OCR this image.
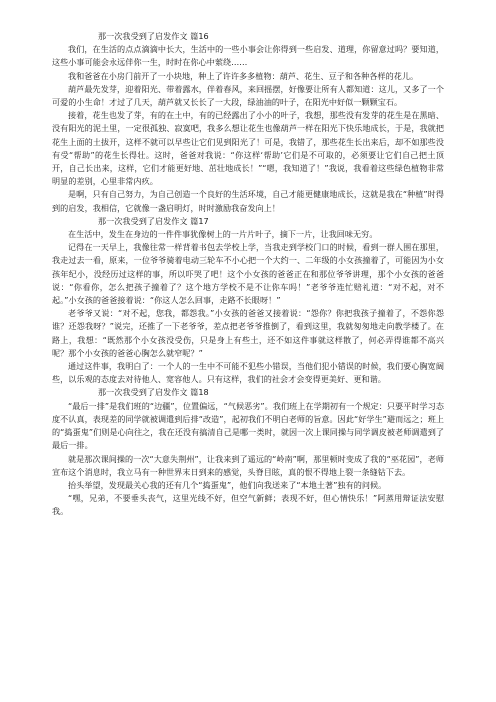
那一次我受到了启发作文 篇16

我们，在生活的点点滴滴中长大，生活中的一些小事会让你得到一些启发、道理，你留意过吗？要知道，这些小事可能会永远伴你一生，时时在你心中萦绕……

我和爸爸在小房门前开了一小块地，种上了许许多多植物：葫芦、花生、豆子和各种各样的花儿。

葫芦最先发芽，迎着阳光、带着露水，伴着春风，来回摇摆，好像要让所有人都知道：这儿，又多了一个可爱的小生命！才过了几天，葫芦就又长长了一大段，绿油油的叶子，在阳光中好似一颗颗宝石。

接着，花生也发了芽，有的在土中，有的已经露出了小小的叶子，我想，那些没有发芽的花生是在黑暗、没有阳光的泥土里，一定很孤独、寂寞吧，我多么想让花生也像葫芦一样在阳光下快乐地成长，于是，我就把花生上面的土拔开，这样不就可以早些让它们见到阳光了！可是，我错了，那些花生长出来后，却不如那些没有受“帮助”的花生长得壮。这时，爸爸对我说：“你这样‘帮助’它们是不可取的，必须要让它们自己把土顶开，自己长出来，这样，它们才能更好地、茁壮地成长！”“嗯，我知道了！”我说，我看着这些绿色植物非常明显的差别，心里非常内疚。

是啊，只有自己努力，为自己创造一个良好的生活环境，自己才能更健康地成长，这就是我在“种植”时得到的启发，我相信，它就像一盏启明灯，时时激励我奋发向上！

那一次我受到了启发作文 篇17

在生活中，发生在身边的一件件事犹像树上的一片片叶子，摘下一片，让我回味无穷。

记得在一天早上，我像往常一样背着书包去学校上学，当我走到学校门口的时候，看到一群人围在那里，我走过去一看，原来，一位爷爷骑着电动三轮车不小心把一个大约一、二年级的小女孩撞着了，可能因为小女孩年纪小，没经历过这样的事，所以吓哭了吧！这个小女孩的爸爸正在和那位爷爷讲理，那个小女孩的爸爸说：“你看你，怎么把孩子撞着了？这个地方学校不是不让你车吗！”老爷爷连忙赔礼道：“对不起，对不起。”小女孩的爸爸接着说：“你这人怎么回事，走路不长眼呀！”

老爷爷又说：“对不起，您我，都怨我。”小女孩的爸爸又接着说：“怨你？你把我孩子撞着了，不怨你怨谁？还怨我呀？”说完，还推了一下老爷爷，差点把老爷爷推倒了，看到这里，我就匆匆地走向教学楼了。在路上，我想：“既然那个小女孩没受伤，只是身上有些土，还不如这件事就这样散了，何必弄得谁都不高兴呢？那个小女孩的爸爸心胸怎么就窄呢？”

通过这件事，我明白了：一个人的一生中不可能不犯些小错误，当他们犯小错误的时候，我们要心胸宽阔些，以乐观的态度去对待他人、宽容他人。只有这样，我们的社会才会变得更美好、更和谐。

那一次我受到了启发作文 篇18

“最后一排”是我们班的“边疆”，位置偏远，“气候恶劣”。我们班上在学期初有一个规定：只要平时学习态度不认真，表现差的同学就被调遣到后排“改造”，起初我们不明白老师的旨意。因此“好学生”避而远之；班上的“捣蛋鬼”们则是心向往之，我在还没有搞清自己是哪一类时，就因一次上课同操与同学调皮被老师调遣到了最后一排。

就是那次课间操的一次“大意失荆州”，让我来到了遥远的“岭南”啊，那里顿时变成了我的“巫花园”，老师宣布这个消息时，我立马有一种世界末日到来的感觉，头脊目眩，真的恨不得地上裂一条缝钻下去。

抬头举望，发现最关心我的还有几个“捣蛋鬼”，他们向我送来了“本地土著”独有的问候。

“嘿，兄弟，不要垂头丧气，这里光线不好，但空气新鲜；表现不好，但心情快乐！”阿蒸用辩证法安慰我。
